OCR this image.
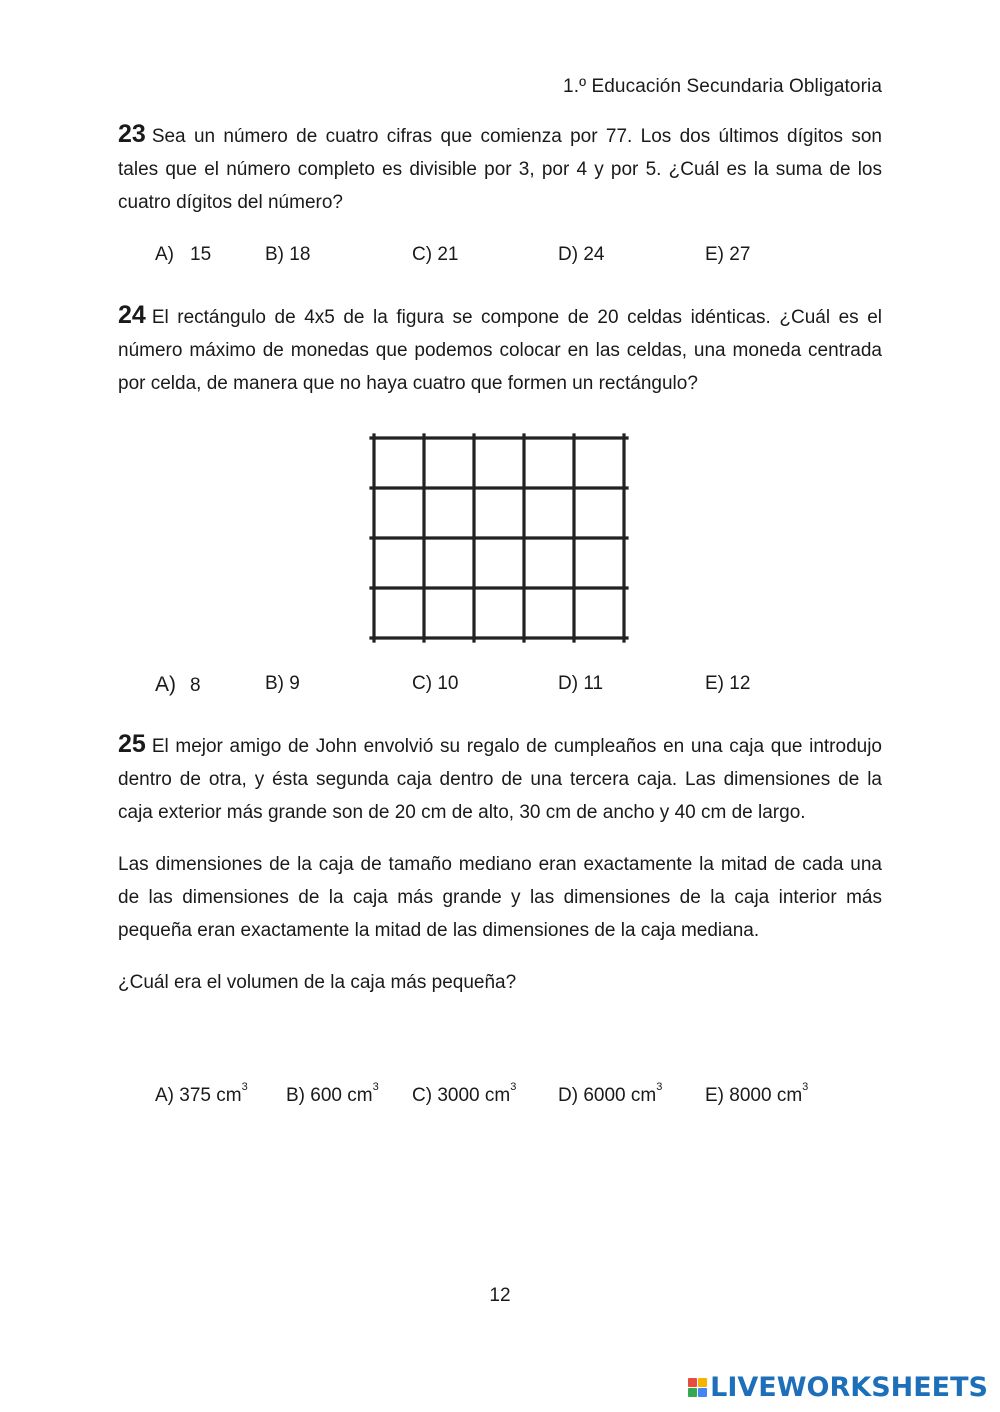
1.º Educación Secundaria Obligatoria

23 Sea un número de cuatro cifras que comienza por 77. Los dos últimos dígitos son tales que el número completo es divisible por 3, por 4 y por 5. ¿Cuál es la suma de los cuatro dígitos del número?

A) 15	B) 18	C) 21	D) 24	E) 27

24 El rectángulo de 4x5 de la figura se compone de 20 celdas idénticas. ¿Cuál es el número máximo de monedas que podemos colocar en las celdas, una moneda centrada por celda, de manera que no haya cuatro que formen un rectángulo?

A) 8	B) 9	C) 10	D) 11	E) 12

25 El mejor amigo de John envolvió su regalo de cumpleaños en una caja que introdujo dentro de otra, y ésta segunda caja dentro de una tercera caja. Las dimensiones de la caja exterior más grande son de 20 cm de alto, 30 cm de ancho y 40 cm de largo.

Las dimensiones de la caja de tamaño mediano eran exactamente la mitad de cada una de las dimensiones de la caja más grande y las dimensiones de la caja interior más pequeña eran exactamente la mitad de las dimensiones de la caja mediana.

¿Cuál era el volumen de la caja más pequeña?

A) 375 $cm^3$ B) 600 $cm^3$ C) 3000 $cm^3$ D) 6000 $cm^3$ E) 8000 $cm^3$
12
LIVEWORKSHEETS
